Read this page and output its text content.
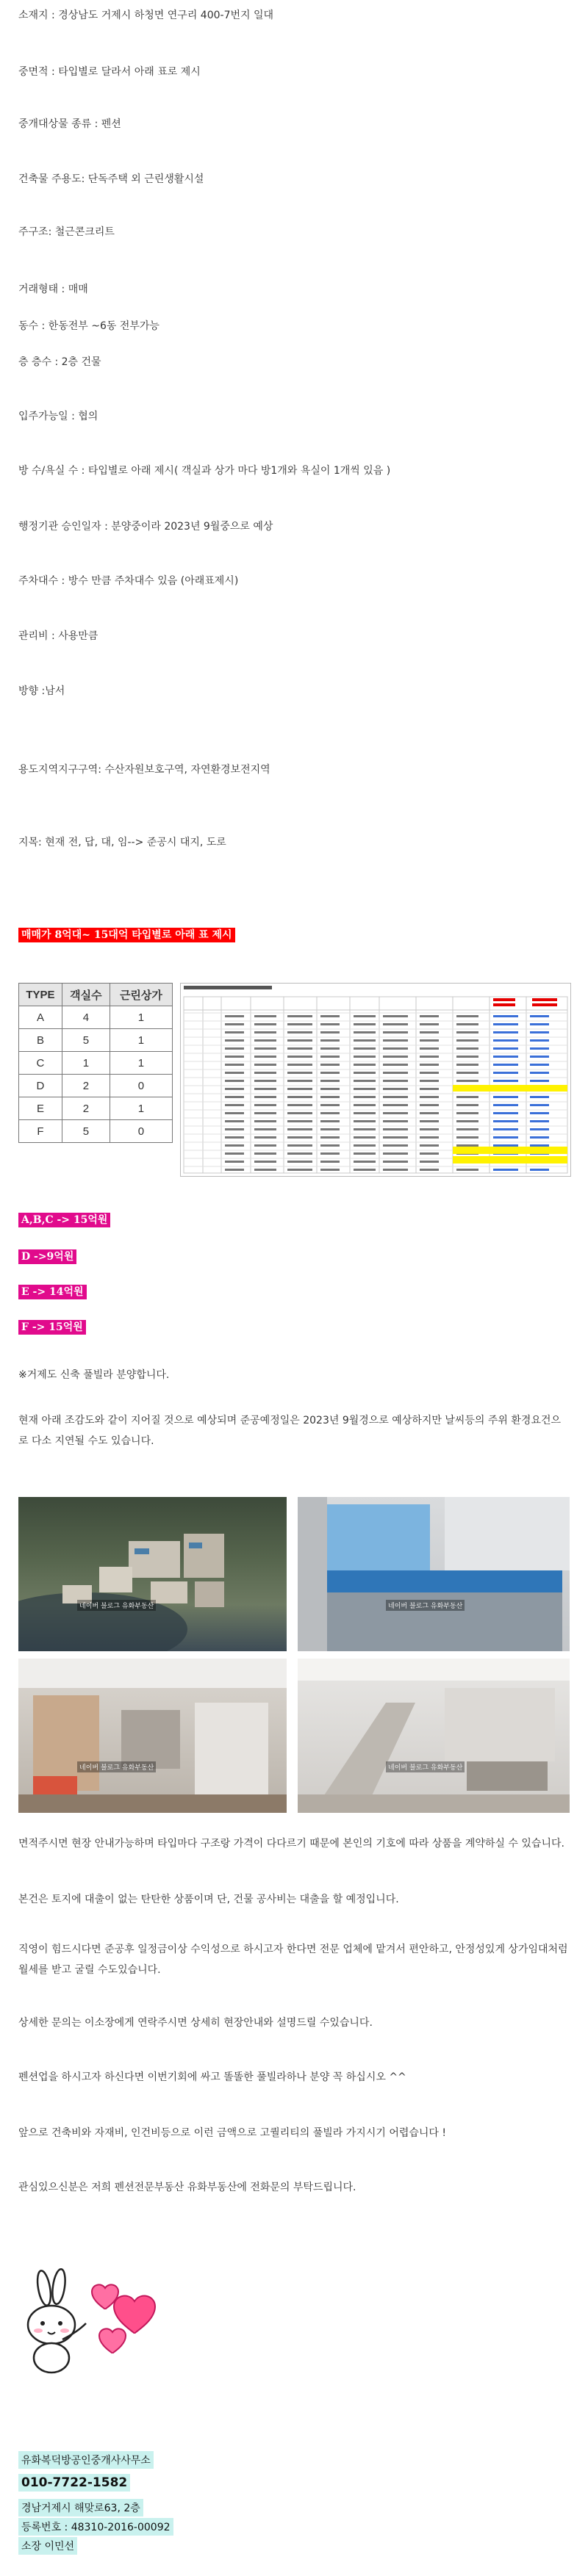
소재지 : 경상남도 거제시 하청면 연구리 400-7번지 일대
중면적 : 타입별로 달라서 아래 표로 제시
중개대상물 종류 : 펜션
건축물 주용도: 단독주택 외 근린생활시설
주구조: 철근콘크리트
거래형태 : 매매
동수 : 한동전부 ~6동 전부가능
층 층수 : 2층 건물
입주가능일 : 협의
방 수/욕실 수 : 타입별로 아래 제시( 객실과 상가 마다 방1개와 욕실이 1개씩 있음 )
행정기관 승인일자 : 분양중이라 2023년 9월중으로 예상
주차대수 : 방수 만큼 주차대수 있음 (아래표제시)
관리비 : 사용만큼
방향 :남서
용도지역지구구역: 수산자원보호구역, 자연환경보전지역
지목: 현재 전, 답, 대, 임--> 준공시 대지, 도로
매매가 8억대~ 15대억 타입별로 아래 표 제시
TYPE	객실수	근린상가
A	4	1
B	5	1
C	1	1
D	2	0
E	2	1
F	5	0
A,B,C -> 15억원
D ->9억원
E -> 14억원
F -> 15억원
※거제도 신축 풀빌라 분양합니다.
현재 아래 조감도와 같이 지어질 것으로 예상되며 준공예정일은 2023년 9월경으로 예상하지만 날씨등의 주위 환경요건으로 다소 지연될 수도 있습니다.
네이버 블로그 유화부동산	네이버 블로그 유화부동산
네이버 블로그 유화부동산	네이버 블로그 유화부동산
면적주시면 현장 안내가능하며 타입마다 구조랑 가격이 다다르기 때문에 본인의 기호에 따라 상품을 계약하실 수 있습니다.
본건은 토지에 대출이 없는 탄탄한 상품이며 단, 건물 공사비는 대출을 할 예정입니다.
직영이 힘드시다면 준공후 일정금이상 수익성으로 하시고자 한다면 전문 업체에 맡겨서 편안하고, 안정성있게 상가임대처럼 월세를 받고 굴릴 수도있습니다.
상세한 문의는 이소장에게 연락주시면 상세히 현장안내와 설명드릴 수있습니다.
펜션업을 하시고자 하신다면 이번기회에 싸고 똘똘한 풀빌라하나 분양 꼭 하십시오 ^^
앞으로 건축비와 자재비, 인건비등으로 이런 금액으로 고퀄리티의 풀빌라 가지시기 어렵습니다 !
관심있으신분은 저희 펜션전문부동산 유화부동산에 전화문의 부탁드립니다.
유화복덕방공인중개사사무소
010-7722-1582
경남거제시 해맞로63, 2층
등록번호 : 48310-2016-00092
소장 이민선
